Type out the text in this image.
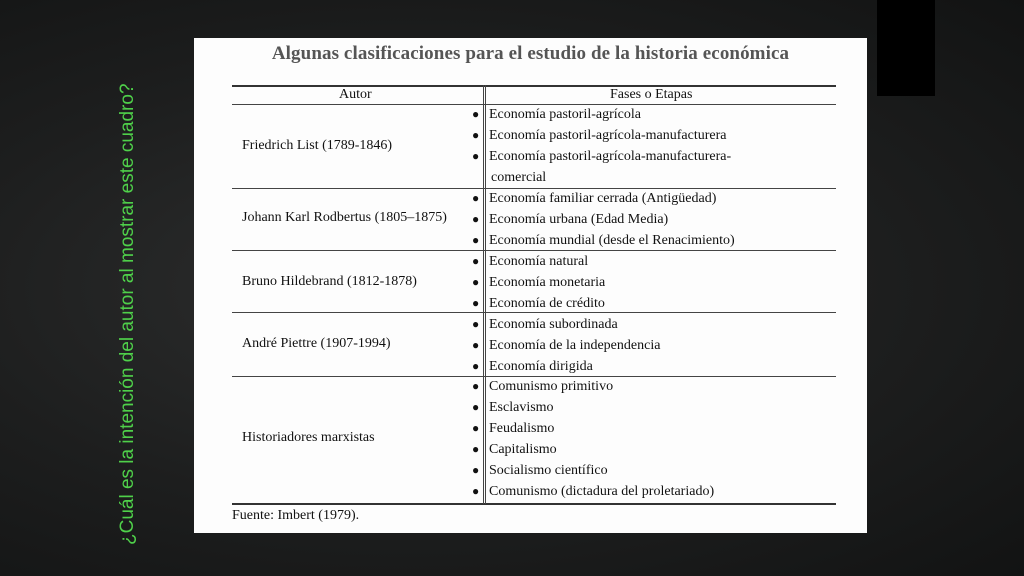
¿Cuál es la intención del autor al mostrar este cuadro?
Algunas clasificaciones para el estudio de la historia económica
Autor	Fases o Etapas
Friedrich List (1789-1846)
● Economía pastoril-agrícola
● Economía pastoril-agrícola-manufacturera
● Economía pastoril-agrícola-manufacturera-
comercial
Johann Karl Rodbertus (1805–1875)
● Economía familiar cerrada (Antigüedad)
● Economía urbana (Edad Media)
● Economía mundial (desde el Renacimiento)
Bruno Hildebrand (1812-1878)
● Economía natural
● Economía monetaria
● Economía de crédito
André Piettre (1907-1994)
● Economía subordinada
● Economía de la independencia
● Economía dirigida
Historiadores marxistas
● Comunismo primitivo
● Esclavismo
● Feudalismo
● Capitalismo
● Socialismo científico
● Comunismo (dictadura del proletariado)
Fuente: Imbert (1979).
